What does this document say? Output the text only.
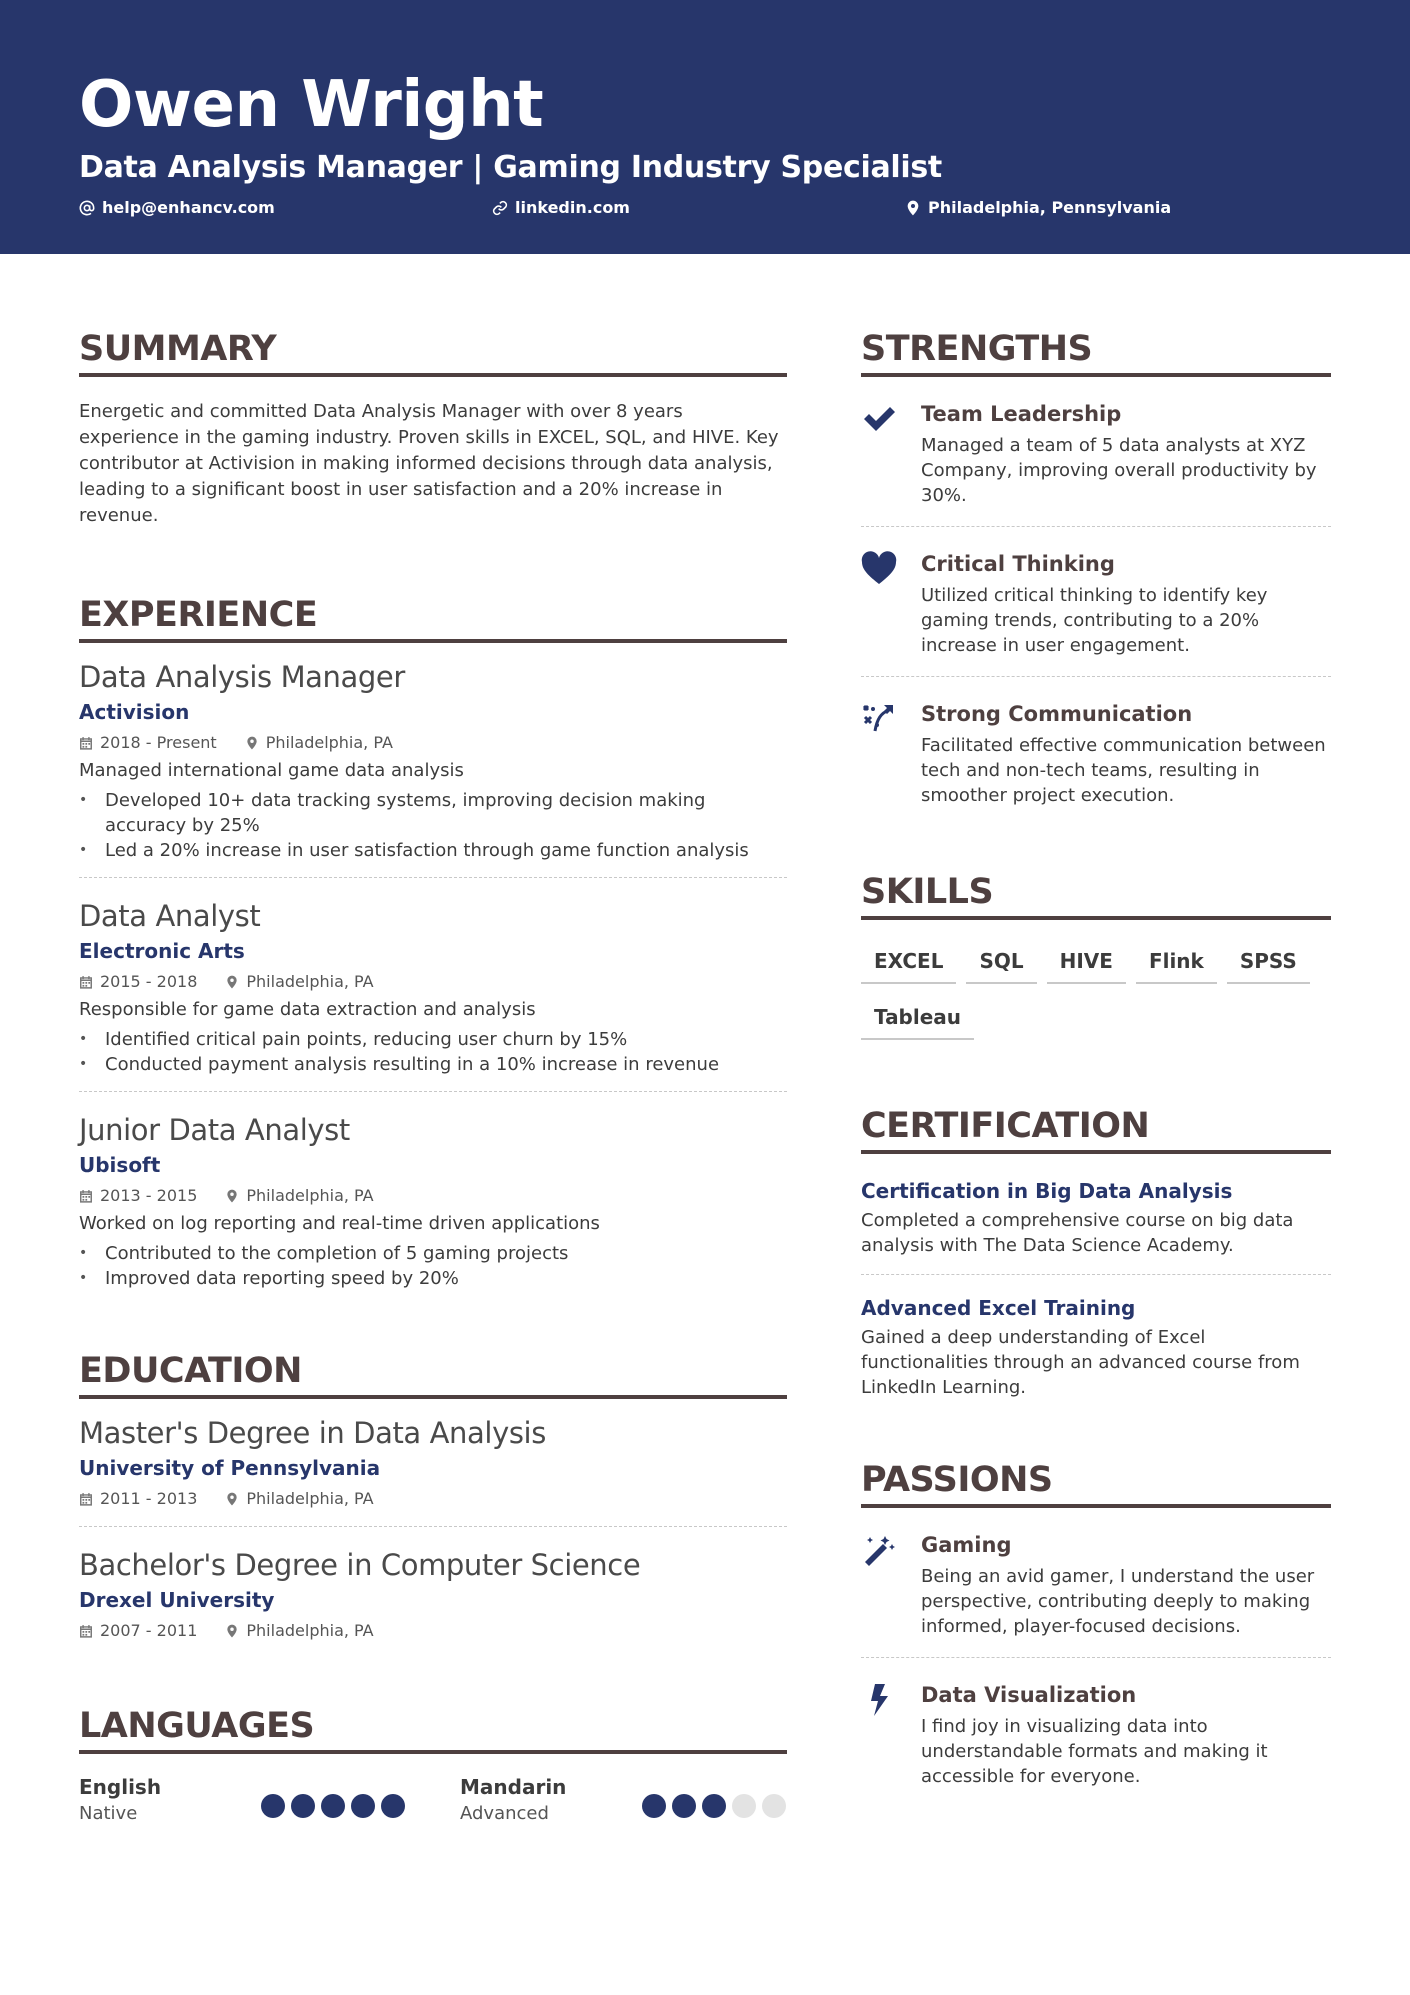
Owen Wright
Data Analysis Manager | Gaming Industry Specialist
help@enhancv.com	linkedin.com	Philadelphia, Pennsylvania
SUMMARY
Energetic and committed Data Analysis Manager with over 8 years experience in the gaming industry. Proven skills in EXCEL, SQL, and HIVE. Key contributor at Activision in making informed decisions through data analysis, leading to a significant boost in user satisfaction and a 20% increase in revenue.
EXPERIENCE
Data Analysis Manager
Activision
2018 - Present	Philadelphia, PA
Managed international game data analysis
• Developed 10+ data tracking systems, improving decision making accuracy by 25%
• Led a 20% increase in user satisfaction through game function analysis
Data Analyst
Electronic Arts
2015 - 2018	Philadelphia, PA
Responsible for game data extraction and analysis
• Identified critical pain points, reducing user churn by 15%
• Conducted payment analysis resulting in a 10% increase in revenue
Junior Data Analyst
Ubisoft
2013 - 2015	Philadelphia, PA
Worked on log reporting and real-time driven applications
• Contributed to the completion of 5 gaming projects
• Improved data reporting speed by 20%
EDUCATION
Master's Degree in Data Analysis
University of Pennsylvania
2011 - 2013	Philadelphia, PA
Bachelor's Degree in Computer Science
Drexel University
2007 - 2011	Philadelphia, PA
LANGUAGES
English
Native
Mandarin
Advanced
STRENGTHS
Team Leadership
Managed a team of 5 data analysts at XYZ Company, improving overall productivity by 30%.
Critical Thinking
Utilized critical thinking to identify key gaming trends, contributing to a 20% increase in user engagement.
Strong Communication
Facilitated effective communication between tech and non-tech teams, resulting in smoother project execution.
SKILLS
EXCEL	SQL	HIVE	Flink	SPSS
Tableau
CERTIFICATION
Certification in Big Data Analysis
Completed a comprehensive course on big data analysis with The Data Science Academy.
Advanced Excel Training
Gained a deep understanding of Excel functionalities through an advanced course from LinkedIn Learning.
PASSIONS
Gaming
Being an avid gamer, I understand the user perspective, contributing deeply to making informed, player-focused decisions.
Data Visualization
I find joy in visualizing data into understandable formats and making it accessible for everyone.
